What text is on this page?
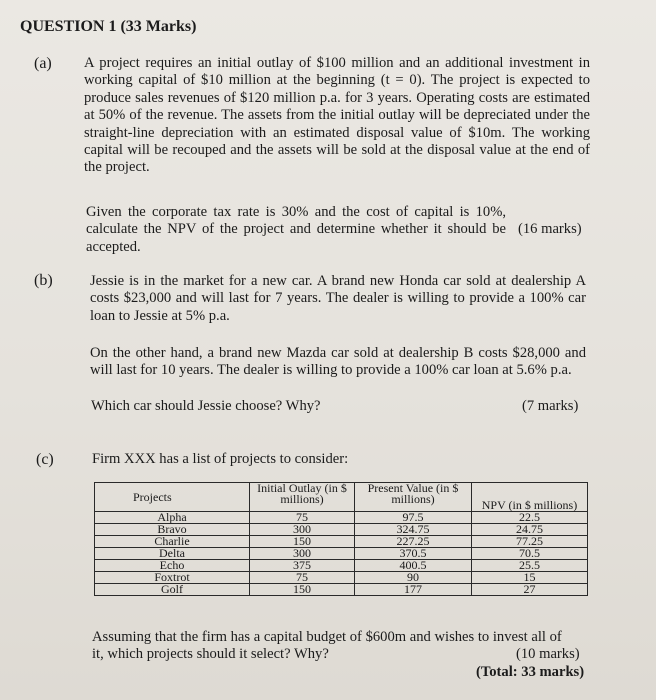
QUESTION 1 (33 Marks)
(a) A project requires an initial outlay of $100 million and an additional investment in working capital of $10 million at the beginning (t = 0). The project is expected to produce sales revenues of $120 million p.a. for 3 years. Operating costs are estimated at 50% of the revenue. The assets from the initial outlay will be depreciated under the straight-line depreciation with an estimated disposal value of $10m. The working capital will be recouped and the assets will be sold at the disposal value at the end of the project.
Given the corporate tax rate is 30% and the cost of capital is 10%, calculate the NPV of the project and determine whether it should be accepted.
(16 marks)
(b)	Jessie is in the market for a new car. A brand new Honda car sold at dealership A costs $23,000 and will last for 7 years. The dealer is willing to provide a 100% car loan to Jessie at 5% p.a.
On the other hand, a brand new Mazda car sold at dealership B costs $28,000 and will last for 10 years. The dealer is willing to provide a 100% car loan at 5.6% p.a.
Which car should Jessie choose? Why?	(7 marks)
(c)	Firm XXX has a list of projects to consider:
Projects	Initial Outlay (in $ millions)	Present Value (in $ millions)	NPV (in $ millions)
Alpha	75	97.5	22.5
Bravo	300	324.75	24.75
Charlie	150	227.25	77.25
Delta	300	370.5	70.5
Echo	375	400.5	25.5
Foxtrot	75	90	15
Golf	150	177	27
Assuming that the firm has a capital budget of $600m and wishes to invest all of it, which projects should it select? Why?	(10 marks)
(Total: 33 marks)
